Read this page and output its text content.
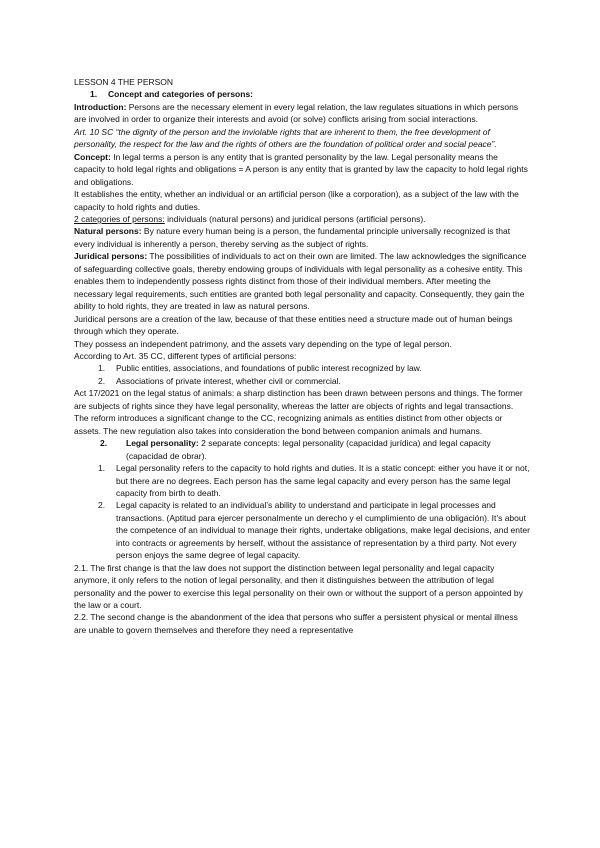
LESSON 4 THE PERSON

1.	Concept and categories of persons:

Introduction: Persons are the necessary element in every legal relation, the law regulates situations in which persons are involved in order to organize their interests and avoid (or solve) conflicts arising from social interactions.

Art. 10 SC “the dignity of the person and the inviolable rights that are inherent to them, the free development of personality, the respect for the law and the rights of others are the foundation of political order and social peace”.

Concept: In legal terms a person is any entity that is granted personality by the law. Legal personality means the capacity to hold legal rights and obligations = A person is any entity that is granted by law the capacity to hold legal rights and obligations.

It establishes the entity, whether an individual or an artificial person (like a corporation), as a subject of the law with the capacity to hold rights and duties.

2 categories of persons: individuals (natural persons) and juridical persons (artificial persons).

Natural persons: By nature every human being is a person, the fundamental principle universally recognized is that every individual is inherently a person, thereby serving as the subject of rights.

Juridical persons: The possibilities of individuals to act on their own are limited. The law acknowledges the significance of safeguarding collective goals, thereby endowing groups of individuals with legal personality as a cohesive entity. This enables them to independently possess rights distinct from those of their individual members. After meeting the necessary legal requirements, such entities are granted both legal personality and capacity. Consequently, they gain the ability to hold rights, they are treated in law as natural persons.

Juridical persons are a creation of the law, because of that these entities need a structure made out of human beings through which they operate.

They possess an independent patrimony, and the assets vary depending on the type of legal person.

According to Art. 35 CC, different types of artificial persons:

1.	Public entities, associations, and foundations of public interest recognized by law.
2.	Associations of private interest, whether civil or commercial.

Act 17/2021 on the legal status of animals: a sharp distinction has been drawn between persons and things. The former are subjects of rights since they have legal personality, whereas the latter are objects of rights and legal transactions.

The reform introduces a significant change to the CC, recognizing animals as entities distinct from other objects or assets. The new regulation also takes into consideration the bond between companion animals and humans.

2.	Legal personality: 2 separate concepts: legal personality (capacidad jurídica) and legal capacity (capacidad de obrar).
1.	Legal personality refers to the capacity to hold rights and duties. It is a static concept: either you have it or not, but there are no degrees. Each person has the same legal capacity and every person has the same legal capacity from birth to death.
2.	Legal capacity is related to an individual’s ability to understand and participate in legal processes and transactions. (Aptitud para ejercer personalmente un derecho y el cumplimiento de una obligación). It’s about the competence of an individual to manage their rights, undertake obligations, make legal decisions, and enter into contracts or agreements by herself, without the assistance of representation by a third party. Not every person enjoys the same degree of legal capacity.

2.1. The first change is that the law does not support the distinction between legal personality and legal capacity anymore, it only refers to the notion of legal personality, and then it distinguishes between the attribution of legal personality and the power to exercise this legal personality on their own or without the support of a person appointed by the law or a court.

2.2. The second change is the abandonment of the idea that persons who suffer a persistent physical or mental illness are unable to govern themselves and therefore they need a representative
